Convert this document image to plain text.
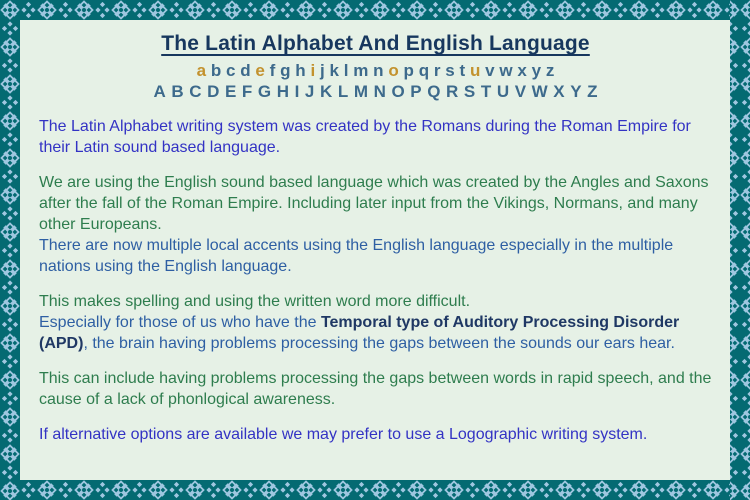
The Latin Alphabet And English Language
a b c d e f g h i j k l m n o p q r s t u v w x y z
A B C D E F G H I J K L M N O P Q R S T U V W X Y Z
The Latin Alphabet writing system was created by the Romans during the Roman Empire for their Latin sound based language.
We are using the English sound based language which was created by the Angles and Saxons after the fall of the Roman Empire. Including later input from the Vikings, Normans, and many other Europeans.
There are now multiple local accents using the English language especially in the multiple nations using the English language.
This makes spelling and using the written word more difficult.
Especially for those of us who have the Temporal type of Auditory Processing Disorder (APD), the brain having problems processing the gaps between the sounds our ears hear.
This can include having problems processing the gaps between words in rapid speech, and the cause of a lack of phonlogical awareness.
If alternative options are available we may prefer to use a Logographic writing system.
